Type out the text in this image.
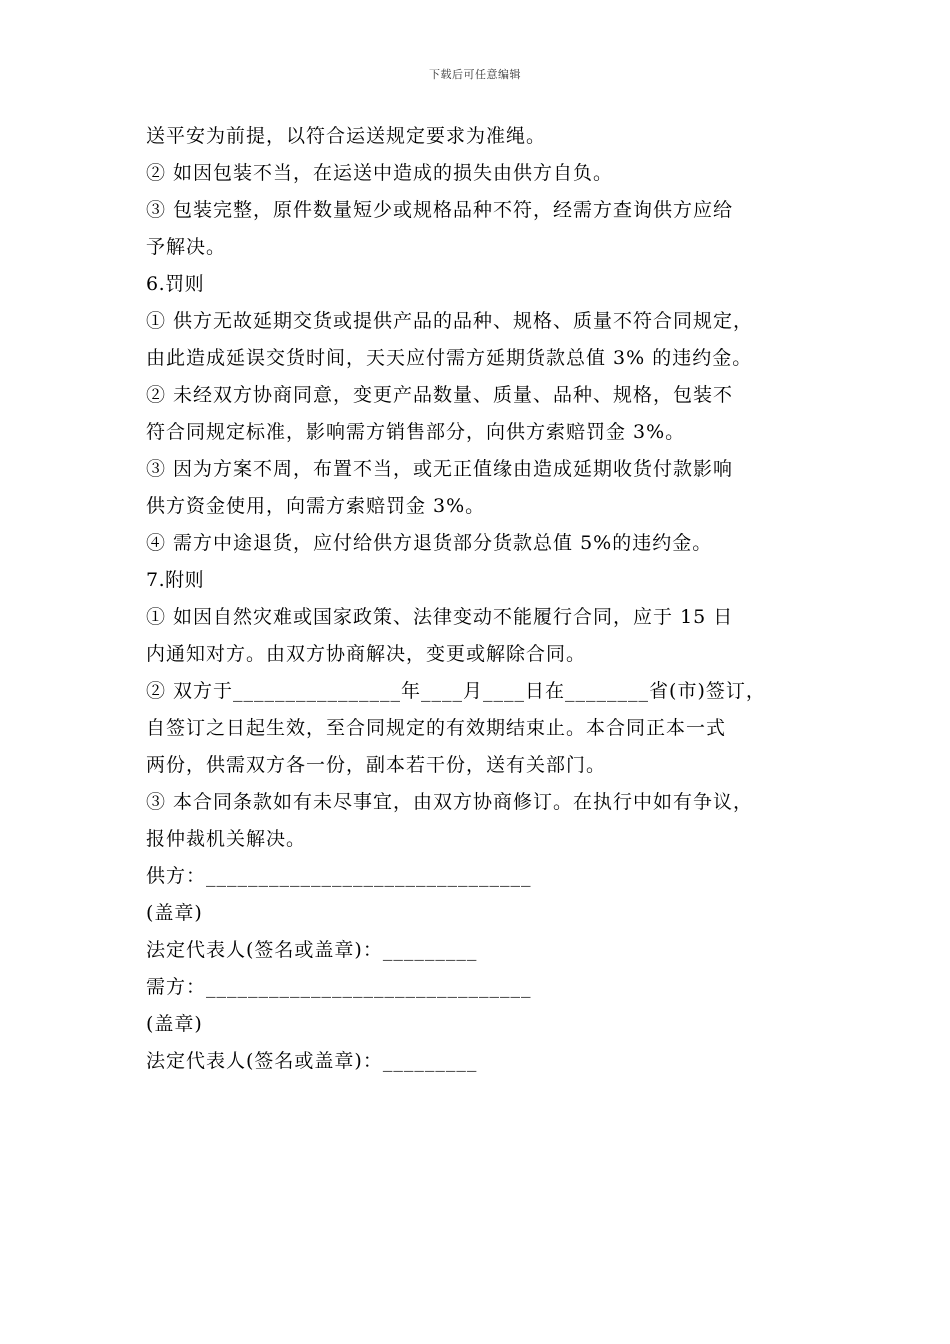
下载后可任意编辑
送平安为前提，以符合运送规定要求为准绳。
② 如因包装不当，在运送中造成的损失由供方自负。
③ 包装完整，原件数量短少或规格品种不符，经需方查询供方应给
予解决。
6.罚则
① 供方无故延期交货或提供产品的品种、规格、质量不符合同规定，
由此造成延误交货时间，天天应付需方延期货款总值 3% 的违约金。
② 未经双方协商同意，变更产品数量、质量、品种、规格，包装不
符合同规定标准，影响需方销售部分，向供方索赔罚金 3%。
③ 因为方案不周，布置不当，或无正值缘由造成延期收货付款影响
供方资金使用，向需方索赔罚金 3%。
④ 需方中途退货，应付给供方退货部分货款总值 5%的违约金。
7.附则
① 如因自然灾难或国家政策、法律变动不能履行合同，应于 15 日
内通知对方。由双方协商解决，变更或解除合同。
② 双方于________________年____月____日在________省(市)签订，
自签订之日起生效，至合同规定的有效期结束止。本合同正本一式
两份，供需双方各一份，副本若干份，送有关部门。
③ 本合同条款如有未尽事宜，由双方协商修订。在执行中如有争议，
报仲裁机关解决。
供方：_______________________________
(盖章)
法定代表人(签名或盖章)：_________
需方：_______________________________
(盖章)
法定代表人(签名或盖章)：_________
